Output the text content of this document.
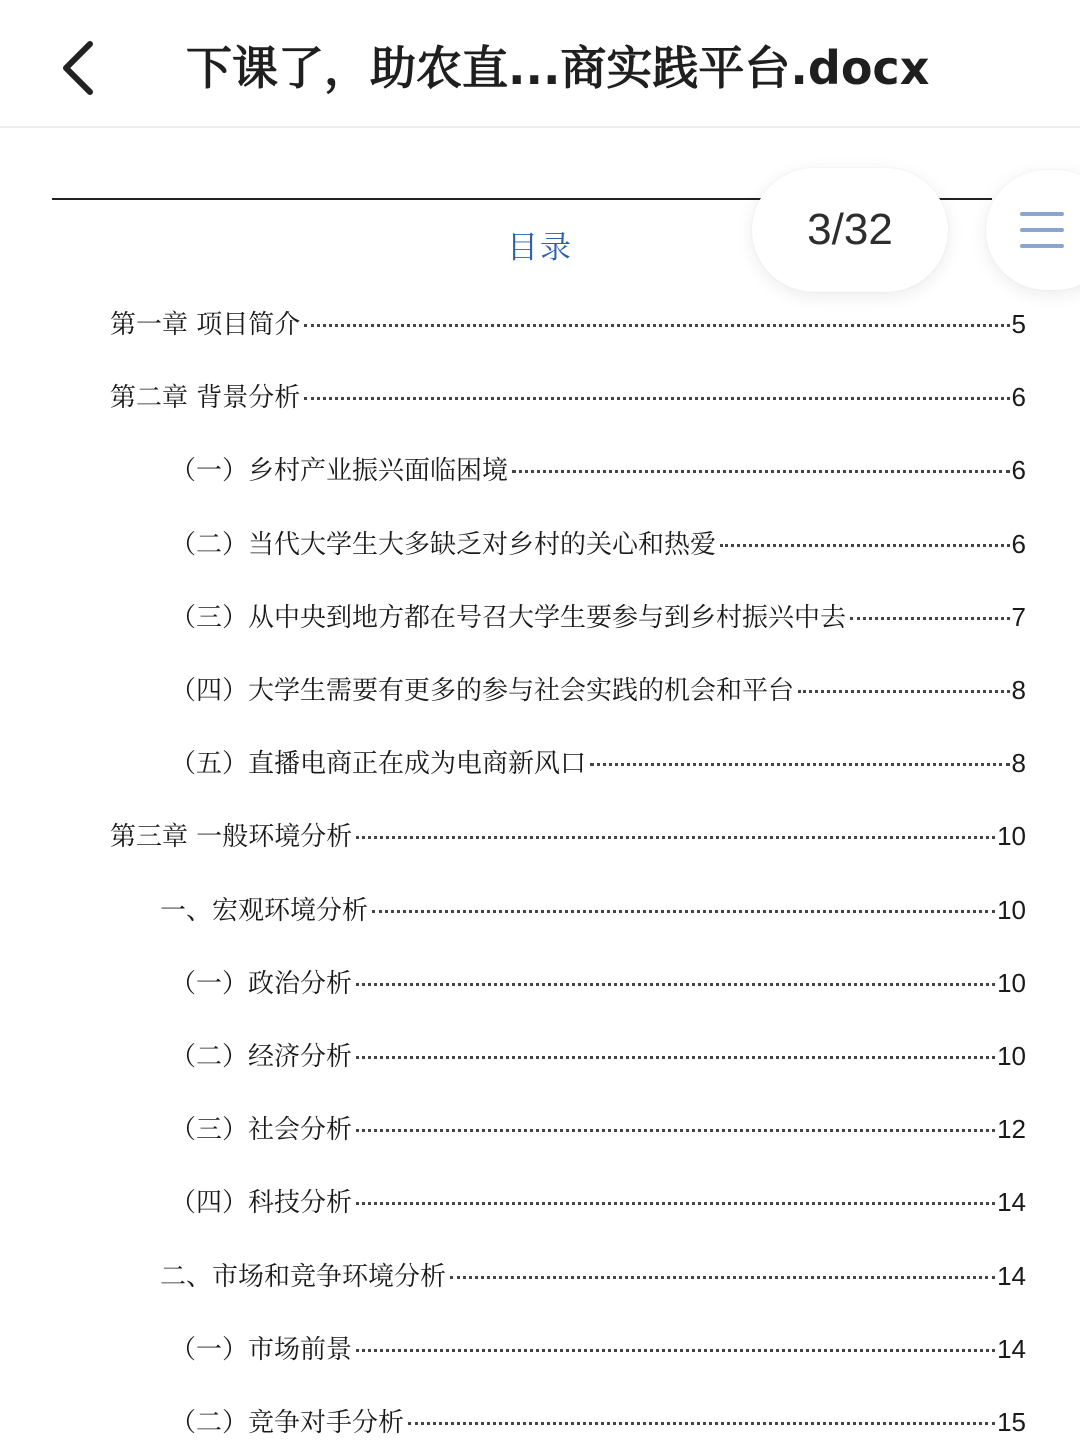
下课了，助农直...商实践平台.docx
目录
第一章 项目简介	5
第二章 背景分析	6
（一）乡村产业振兴面临困境	6
（二）当代大学生大多缺乏对乡村的关心和热爱	6
（三）从中央到地方都在号召大学生要参与到乡村振兴中去	7
（四）大学生需要有更多的参与社会实践的机会和平台	8
（五）直播电商正在成为电商新风口	8
第三章 一般环境分析	10
一、宏观环境分析	10
（一）政治分析	10
（二）经济分析	10
（三）社会分析	12
（四）科技分析	14
二、市场和竞争环境分析	14
（一）市场前景	14
（二）竞争对手分析	15
3/32
